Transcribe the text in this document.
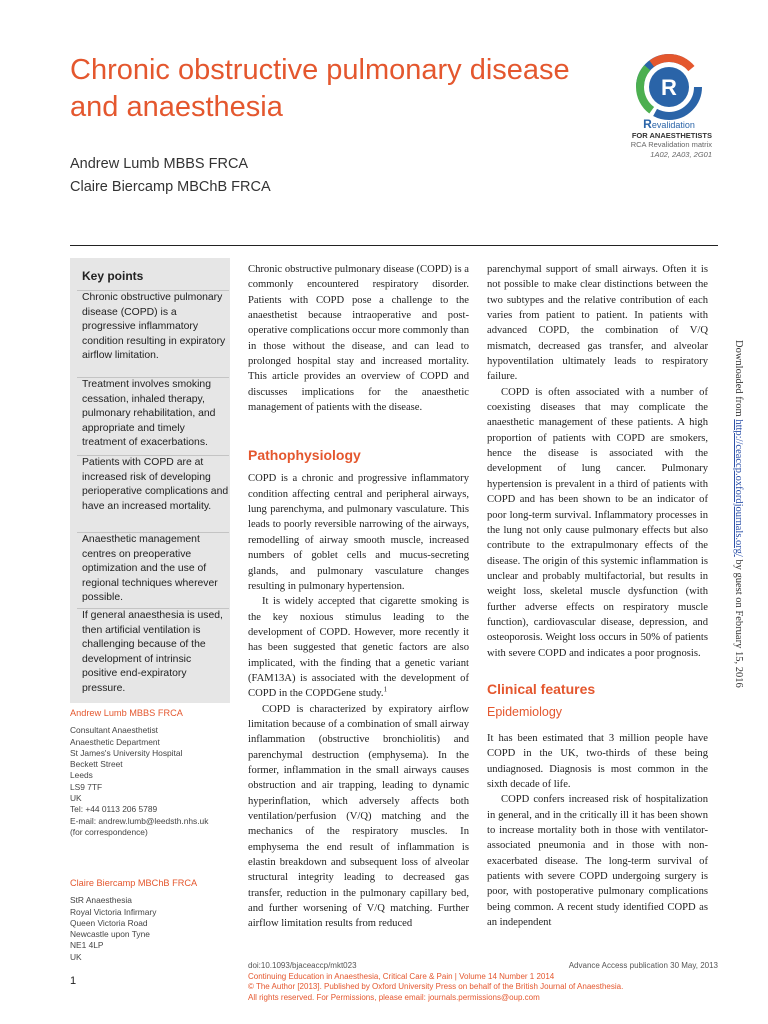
Chronic obstructive pulmonary disease and anaesthesia
Andrew Lumb MBBS FRCA
Claire Biercamp MBChB FRCA
R
Revalidation
FOR ANAESTHETISTS
RCA Revalidation matrix
1A02, 2A03, 2G01
Key points
Chronic obstructive pulmonary disease (COPD) is a progressive inflammatory condition resulting in expiratory airflow limitation.
Treatment involves smoking cessation, inhaled therapy, pulmonary rehabilitation, and appropriate and timely treatment of exacerbations.
Patients with COPD are at increased risk of developing perioperative complications and have an increased mortality.
Anaesthetic management centres on preoperative optimization and the use of regional techniques wherever possible.
If general anaesthesia is used, then artificial ventilation is challenging because of the development of intrinsic positive end-expiratory pressure.
Andrew Lumb MBBS FRCA
Consultant Anaesthetist
Anaesthetic Department
St James's University Hospital
Beckett Street
Leeds
LS9 7TF
UK
Tel: +44 0113 206 5789
E-mail: andrew.lumb@leedsth.nhs.uk
(for correspondence)
Claire Biercamp MBChB FRCA
StR Anaesthesia
Royal Victoria Infirmary
Queen Victoria Road
Newcastle upon Tyne
NE1 4LP
UK

Chronic obstructive pulmonary disease (COPD) is a commonly encountered respiratory disorder. Patients with COPD pose a challenge to the anaesthetist because intraoperative and post-operative complications occur more commonly than in those without the disease, and can lead to prolonged hospital stay and increased mortality. This article provides an overview of COPD and discusses implications for the anaesthetic management of patients with the disease.

Pathophysiology

COPD is a chronic and progressive inflammatory condition affecting central and peripheral airways, lung parenchyma, and pulmonary vasculature. This leads to poorly reversible narrowing of the airways, remodelling of airway smooth muscle, increased numbers of goblet cells and mucus-secreting glands, and pulmonary vasculature changes resulting in pulmonary hypertension.

It is widely accepted that cigarette smoking is the key noxious stimulus leading to the development of COPD. However, more recently it has been suggested that genetic factors are also implicated, with the finding that a genetic variant (FAM13A) is associated with the development of COPD in the COPDGene study.$^1$

COPD is characterized by expiratory airflow limitation because of a combination of small airway inflammation (obstructive bronchiolitis) and parenchymal destruction (emphysema). In the former, inflammation in the small airways causes obstruction and air trapping, leading to dynamic hyperinflation, which adversely affects both ventilation/perfusion (V/Q) matching and the mechanics of the respiratory muscles. In emphysema the end result of inflammation is elastin breakdown and subsequent loss of alveolar structural integrity leading to decreased gas transfer, reduction in the pulmonary capillary bed, and further worsening of V/Q matching. Further airflow limitation results from reduced

parenchymal support of small airways. Often it is not possible to make clear distinctions between the two subtypes and the relative contribution of each varies from patient to patient. In patients with advanced COPD, the combination of V/Q mismatch, decreased gas transfer, and alveolar hypoventilation ultimately leads to respiratory failure.

COPD is often associated with a number of coexisting diseases that may complicate the anaesthetic management of these patients. A high proportion of patients with COPD are smokers, hence the disease is associated with the development of lung cancer. Pulmonary hypertension is prevalent in a third of patients with COPD and has been shown to be an indicator of poor long-term survival. Inflammatory processes in the lung not only cause pulmonary effects but also contribute to the extrapulmonary effects of the disease. The origin of this systemic inflammation is unclear and probably multifactorial, but results in weight loss, skeletal muscle dysfunction (with further adverse effects on respiratory muscle function), cardiovascular disease, depression, and osteoporosis. Weight loss occurs in 50% of patients with severe COPD and indicates a poor prognosis.

Clinical features
Epidemiology

It has been estimated that 3 million people have COPD in the UK, two-thirds of these being undiagnosed. Diagnosis is most common in the sixth decade of life.

COPD confers increased risk of hospitalization in general, and in the critically ill it has been shown to increase mortality both in those with ventilator-associated pneumonia and in those with non-exacerbated disease. The long-term survival of patients with severe COPD undergoing surgery is poor, with postoperative pulmonary complications being common. A recent study identified COPD as an independent

1
doi:10.1093/bjaceaccp/mkt023	Advance Access publication 30 May, 2013
Continuing Education in Anaesthesia, Critical Care & Pain | Volume 14 Number 1 2014
© The Author [2013]. Published by Oxford University Press on behalf of the British Journal of Anaesthesia.
All rights reserved. For Permissions, please email: journals.permissions@oup.com
Downloaded from http://ceaccp.oxfordjournals.org/ by guest on February 15, 2016
